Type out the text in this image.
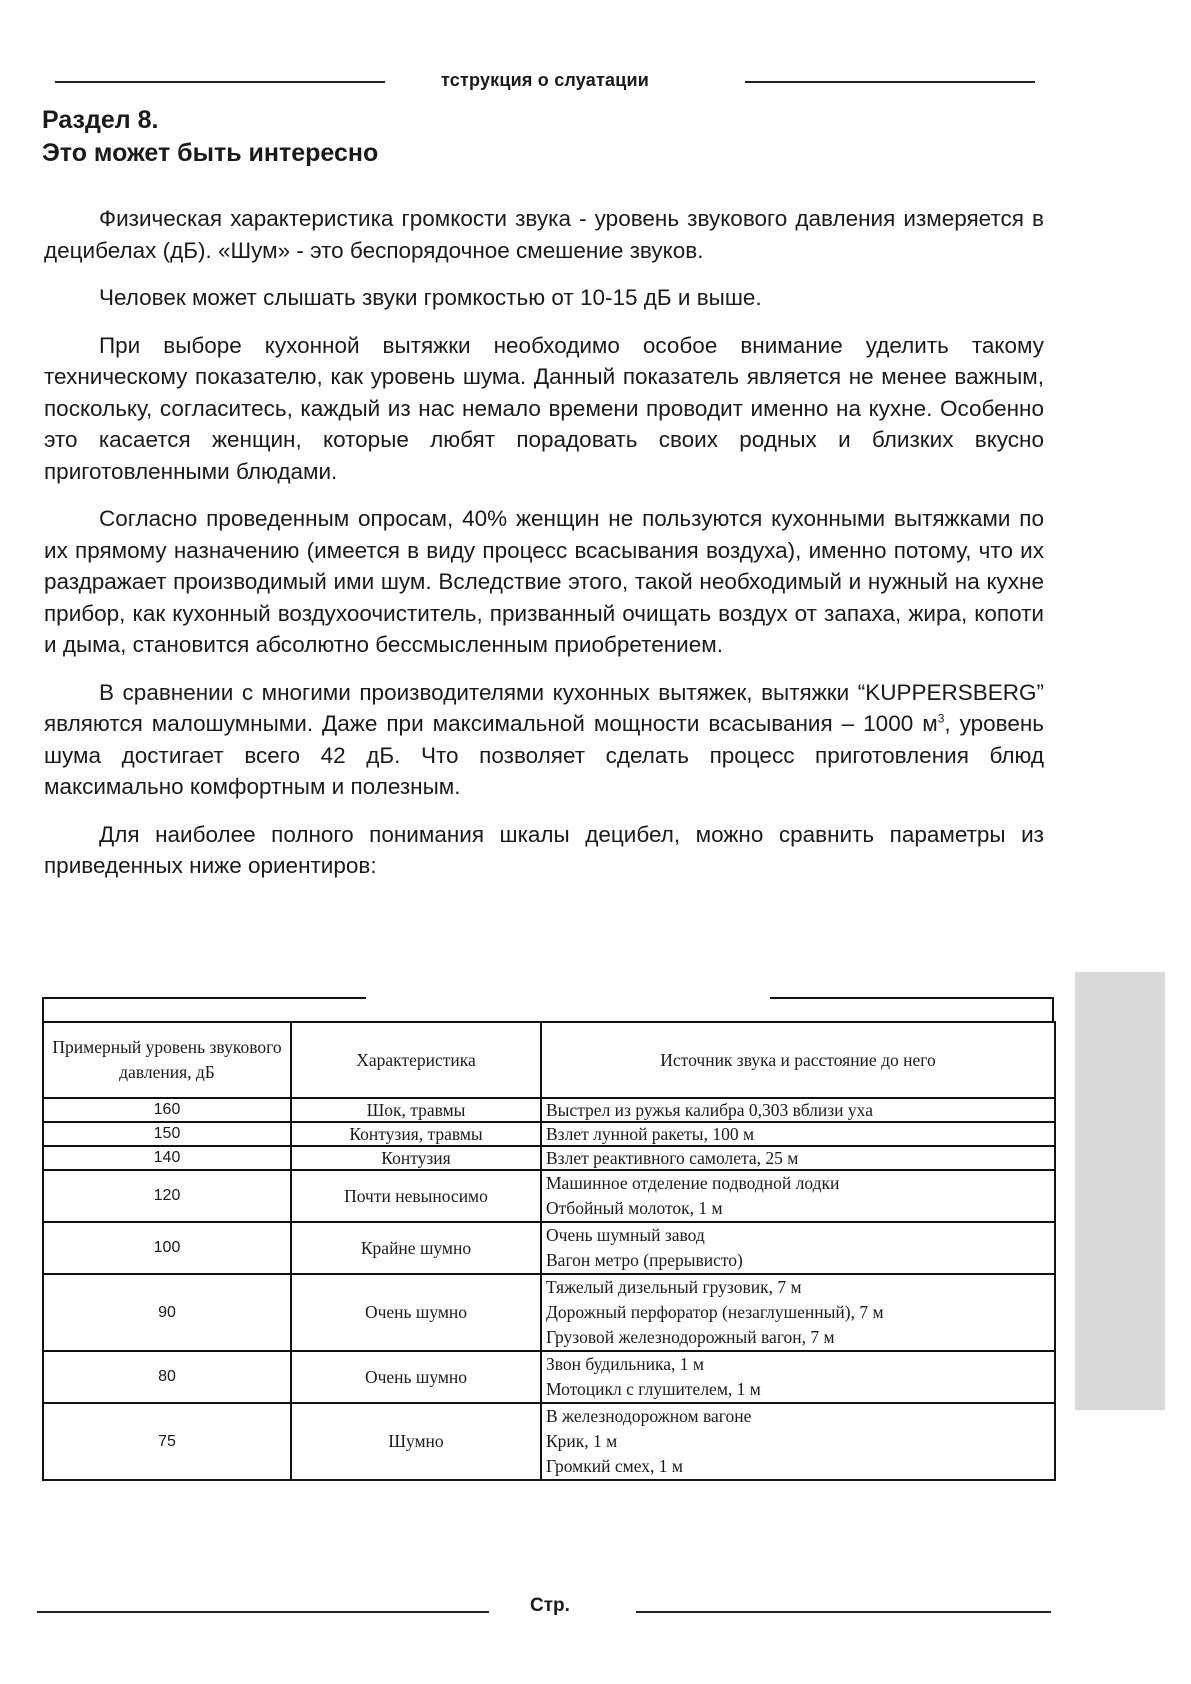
тструкция о слуатации
Раздел 8.
Это может быть интересно

Физическая характеристика громкости звука - уровень звукового давления измеряется в децибелах (дБ). «Шум» - это беспорядочное смешение звуков.

Человек может слышать звуки громкостью от 10-15 дБ и выше.

При выборе кухонной вытяжки необходимо особое внимание уделить такому техническому показателю, как уровень шума. Данный показатель является не менее важным, поскольку, согласитесь, каждый из нас немало времени проводит именно на кухне. Особенно это касается женщин, которые любят порадовать своих родных и близких вкусно приготовленными блюдами.

Согласно проведенным опросам, 40% женщин не пользуются кухонными вытяжками по их прямому назначению (имеется в виду процесс всасывания воздуха), именно потому, что их раздражает производимый ими шум. Вследствие этого, такой необходимый и нужный на кухне прибор, как кухонный воздухоочиститель, призванный очищать воздух от запаха, жира, копоти и дыма, становится абсолютно бессмысленным приобретением.

В сравнении с многими производителями кухонных вытяжек, вытяжки “KUPPERSBERG” являются малошумными. Даже при максимальной мощности всасывания – 1000 $м^3$, уровень шума достигает всего 42 дБ. Что позволяет сделать процесс приготовления блюд максимально комфортным и полезным.

Для наиболее полного понимания шкалы децибел, можно сравнить параметры из приведенных ниже ориентиров:

Примерный уровень звукового давления, дБ	Характеристика	Источник звука и расстояние до него
160	Шок, травмы	Выстрел из ружья калибра 0,303 вблизи уха

150	Контузия, травмы	Взлет лунной ракеты, 100 м

140	Контузия	Взлет реактивного самолета, 25 м

120	Почти невыносимо	Машинное отделение подводной лодки
Отбойный молоток, 1 м

100	Крайне шумно	Очень шумный завод
Вагон метро (прерывисто)

90	Очень шумно	Тяжелый дизельный грузовик, 7 м
Дорожный перфоратор (незаглушенный), 7 м
Грузовой железнодорожный вагон, 7 м

80	Очень шумно	Звон будильника, 1 м
Мотоцикл с глушителем, 1 м

75	Шумно	В железнодорожном вагоне
Крик, 1 м
Громкий смех, 1 м
Стр.
